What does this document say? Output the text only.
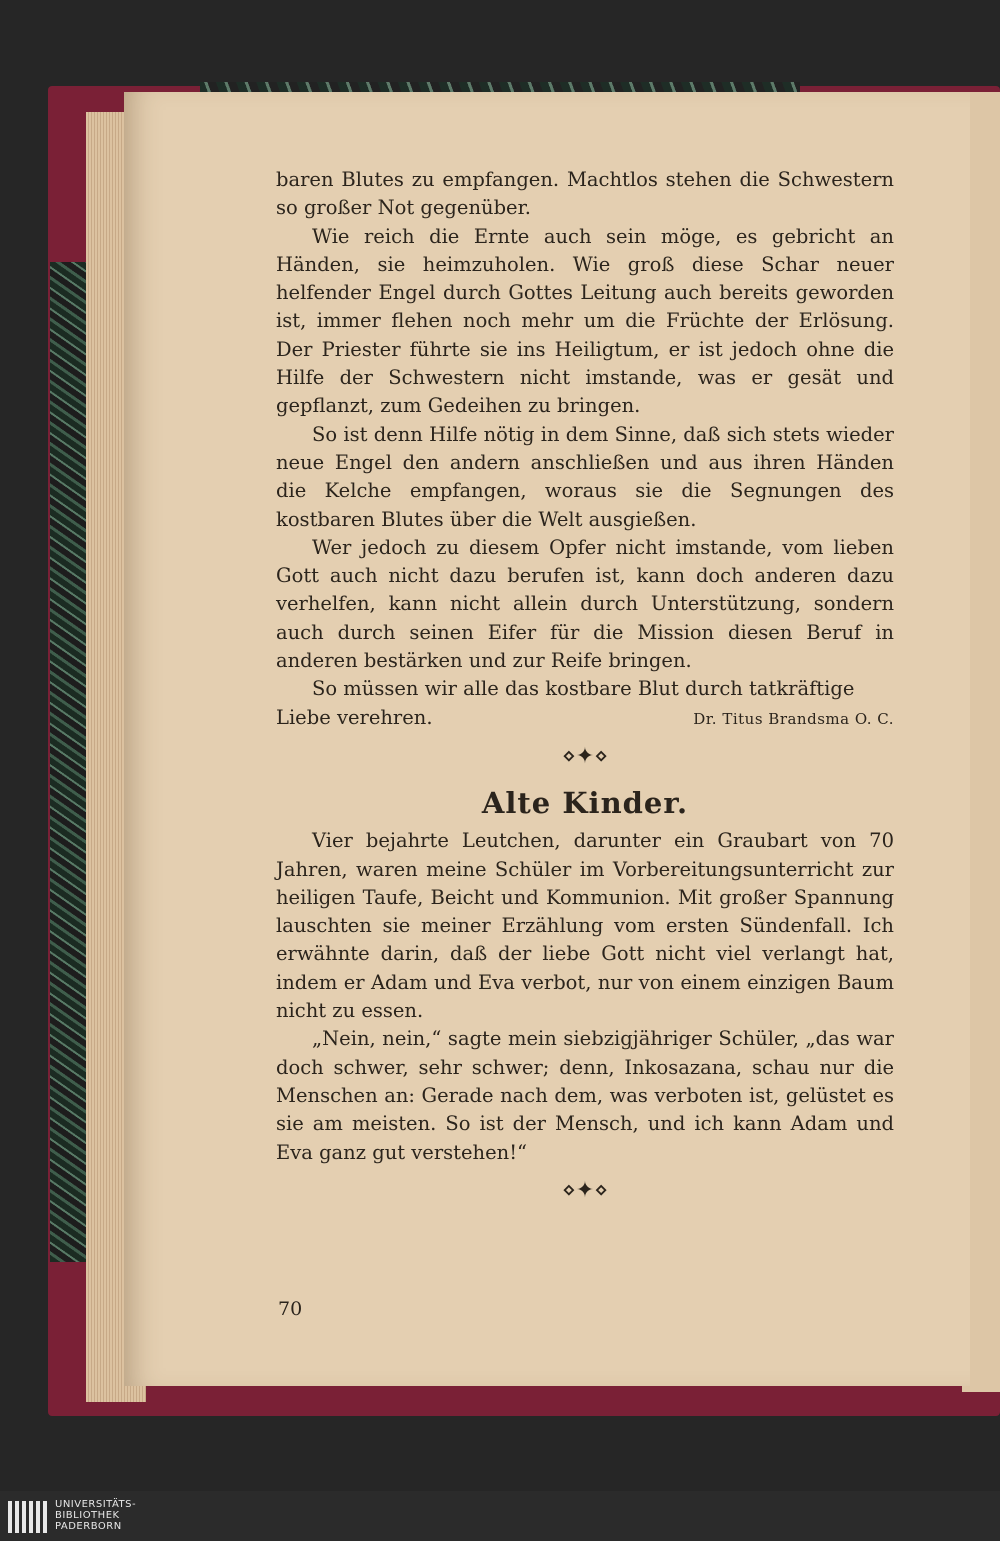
baren Blutes zu empfangen. Machtlos stehen die Schwestern so großer Not gegenüber.

Wie reich die Ernte auch sein möge, es gebricht an Händen, sie heimzuholen. Wie groß diese Schar neuer helfender Engel durch Gottes Leitung auch bereits geworden ist, immer flehen noch mehr um die Früchte der Erlösung. Der Priester führte sie ins Heiligtum, er ist jedoch ohne die Hilfe der Schwestern nicht imstande, was er gesät und gepflanzt, zum Gedeihen zu bringen.

So ist denn Hilfe nötig in dem Sinne, daß sich stets wieder neue Engel den andern anschließen und aus ihren Händen die Kelche empfangen, woraus sie die Segnungen des kostbaren Blutes über die Welt ausgießen.

Wer jedoch zu diesem Opfer nicht imstande, vom lieben Gott auch nicht dazu berufen ist, kann doch anderen dazu verhelfen, kann nicht allein durch Unterstützung, sondern auch durch seinen Eifer für die Mission diesen Beruf in anderen bestärken und zur Reife bringen.

So müssen wir alle das kostbare Blut durch tatkräftige

Liebe verehren.	Dr. Titus Brandsma O. C.
⋄✦⋄
Alte Kinder.

Vier bejahrte Leutchen, darunter ein Graubart von 70 Jahren, waren meine Schüler im Vorbereitungsunterricht zur heiligen Taufe, Beicht und Kommunion. Mit großer Spannung lauschten sie meiner Erzählung vom ersten Sündenfall. Ich erwähnte darin, daß der liebe Gott nicht viel verlangt hat, indem er Adam und Eva verbot, nur von einem einzigen Baum nicht zu essen.

„Nein, nein,“ sagte mein siebzigjähriger Schüler, „das war doch schwer, sehr schwer; denn, Inkosazana, schau nur die Menschen an: Gerade nach dem, was verboten ist, gelüstet es sie am meisten. So ist der Mensch, und ich kann Adam und Eva ganz gut verstehen!“

⋄✦⋄
70
UNIVERSITÄTS-
BIBLIOTHEK
PADERBORN
